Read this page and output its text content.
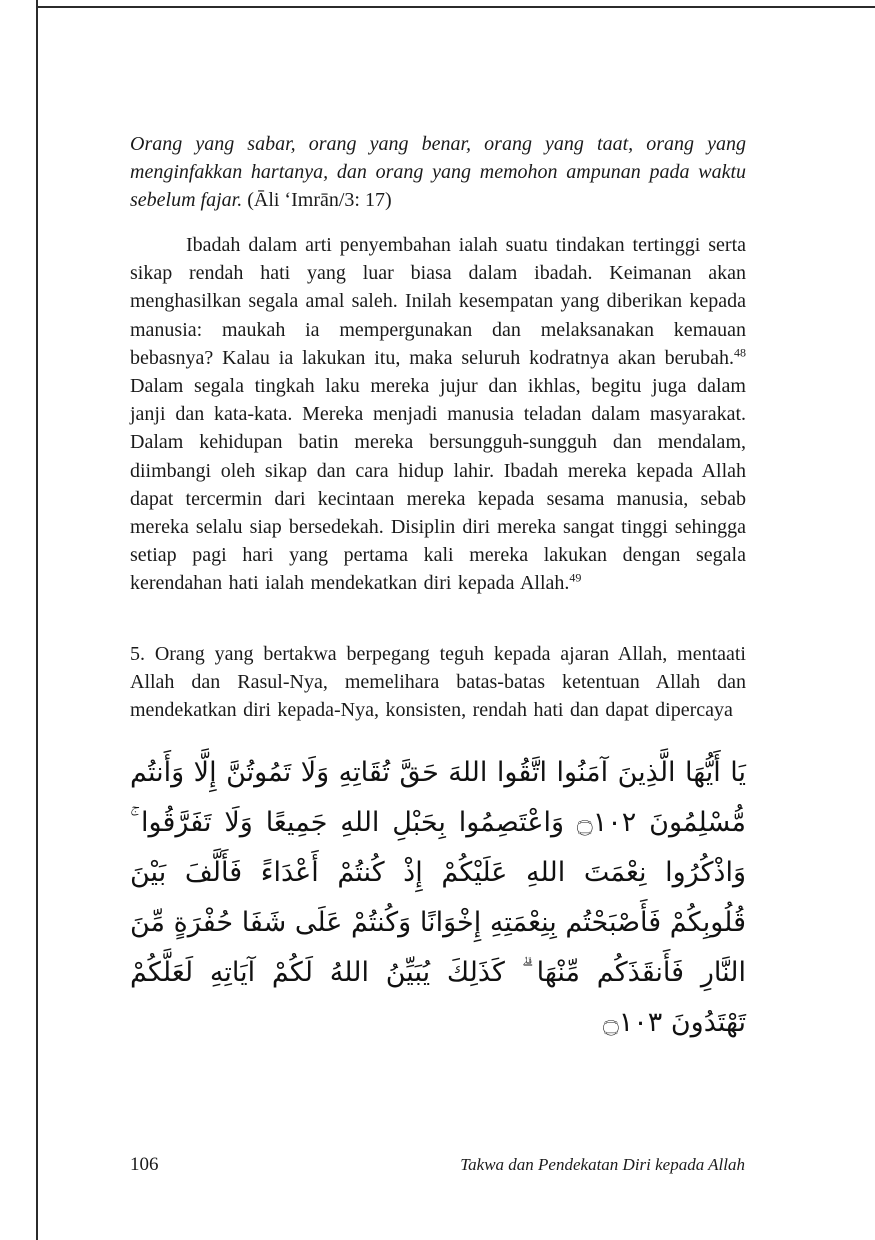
Orang yang sabar, orang yang benar, orang yang taat, orang yang menginfakkan hartanya, dan orang yang memohon ampunan pada waktu sebelum fajar. (Āli ‘Imrān/3: 17)

Ibadah dalam arti penyembahan ialah suatu tindakan tertinggi serta sikap rendah hati yang luar biasa dalam ibadah. Keimanan akan menghasilkan segala amal saleh. Inilah kesempatan yang diberikan kepada manusia: maukah ia mempergunakan dan melaksanakan kemauan bebasnya? Kalau ia lakukan itu, maka seluruh kodratnya akan berubah.$^{48}$ Dalam segala tingkah laku mereka jujur dan ikhlas, begitu juga dalam janji dan kata-kata. Mereka menjadi manusia teladan dalam masyarakat. Dalam kehidupan batin mereka bersungguh-sungguh dan mendalam, diimbangi oleh sikap dan cara hidup lahir. Ibadah mereka kepada Allah dapat tercermin dari kecintaan mereka kepada sesama manusia, sebab mereka selalu siap bersedekah. Disiplin diri mereka sangat tinggi sehingga setiap pagi hari yang pertama kali mereka lakukan dengan segala kerendahan hati ialah mendekatkan diri kepada Allah.$^{49}$

5. Orang yang bertakwa berpegang teguh kepada ajaran Allah, mentaati Allah dan Rasul-Nya, memelihara batas-batas ketentuan Allah dan mendekatkan diri kepada-Nya, konsisten, rendah hati dan dapat dipercaya

يَا أَيُّهَا الَّذِينَ آمَنُوا اتَّقُوا اللهَ حَقَّ تُقَاتِهِ وَلَا تَمُوتُنَّ إِلَّا وَأَنتُم مُّسْلِمُونَ ۝١٠٢ وَاعْتَصِمُوا بِحَبْلِ اللهِ جَمِيعًا وَلَا تَفَرَّقُوا ۚ وَاذْكُرُوا نِعْمَتَ اللهِ عَلَيْكُمْ إِذْ كُنتُمْ أَعْدَاءً فَأَلَّفَ بَيْنَ قُلُوبِكُمْ فَأَصْبَحْتُم بِنِعْمَتِهِ إِخْوَانًا وَكُنتُمْ عَلَى شَفَا حُفْرَةٍ مِّنَ النَّارِ فَأَنقَذَكُم مِّنْهَا ۗ كَذَلِكَ يُبَيِّنُ اللهُ لَكُمْ آيَاتِهِ لَعَلَّكُمْ تَهْتَدُونَ ۝١٠٣

106	Takwa dan Pendekatan Diri kepada Allah
